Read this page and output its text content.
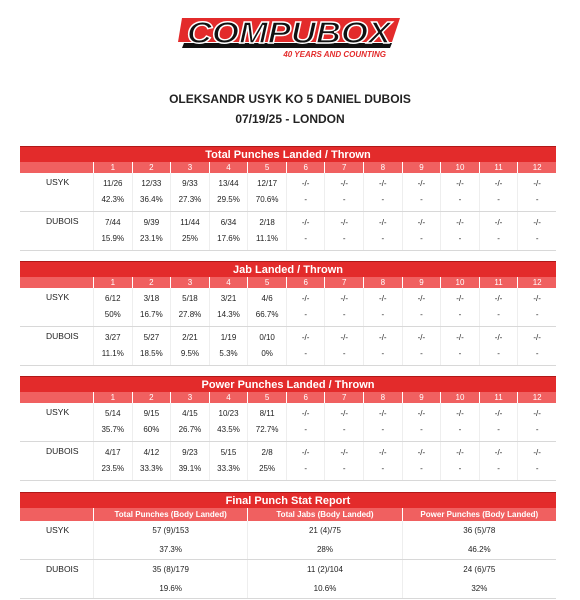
COMPUBOX
40 YEARS AND COUNTING
OLEKSANDR USYK KO 5 DANIEL DUBOIS
07/19/25 - LONDON
Total Punches Landed / Thrown
1	2	3	4	5	6	7	8	9	10	11	12
USYK	11/26	12/33	9/33	13/44	12/17	-/-	-/-	-/-	-/-	-/-	-/-	-/-
42.3%	36.4%	27.3%	29.5%	70.6%	-	-	-	-	-	-	-
DUBOIS	7/44	9/39	11/44	6/34	2/18	-/-	-/-	-/-	-/-	-/-	-/-	-/-
15.9%	23.1%	25%	17.6%	11.1%	-	-	-	-	-	-	-
Jab Landed / Thrown
1	2	3	4	5	6	7	8	9	10	11	12
USYK	6/12	3/18	5/18	3/21	4/6	-/-	-/-	-/-	-/-	-/-	-/-	-/-
50%	16.7%	27.8%	14.3%	66.7%	-	-	-	-	-	-	-
DUBOIS	3/27	5/27	2/21	1/19	0/10	-/-	-/-	-/-	-/-	-/-	-/-	-/-
11.1%	18.5%	9.5%	5.3%	0%	-	-	-	-	-	-	-
Power Punches Landed / Thrown
1	2	3	4	5	6	7	8	9	10	11	12
USYK	5/14	9/15	4/15	10/23	8/11	-/-	-/-	-/-	-/-	-/-	-/-	-/-
35.7%	60%	26.7%	43.5%	72.7%	-	-	-	-	-	-	-
DUBOIS	4/17	4/12	9/23	5/15	2/8	-/-	-/-	-/-	-/-	-/-	-/-	-/-
23.5%	33.3%	39.1%	33.3%	25%	-	-	-	-	-	-	-
Final Punch Stat Report
Total Punches (Body Landed)	Total Jabs (Body Landed)	Power Punches (Body Landed)
USYK	57 (9)/153	21 (4)/75	36 (5)/78
37.3%	28%	46.2%
DUBOIS	35 (8)/179	11 (2)/104	24 (6)/75
19.6%	10.6%	32%
